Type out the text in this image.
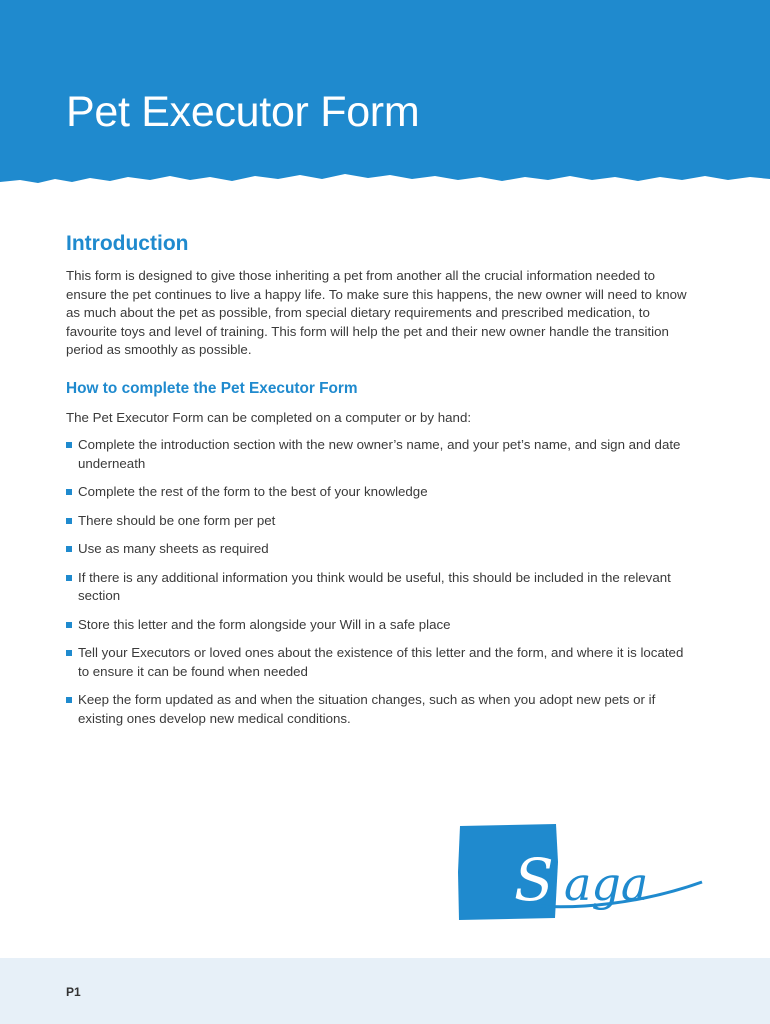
Pet Executor Form
Introduction

This form is designed to give those inheriting a pet from another all the crucial information needed to ensure the pet continues to live a happy life. To make sure this happens, the new owner will need to know as much about the pet as possible, from special dietary requirements and prescribed medication, to favourite toys and level of training. This form will help the pet and their new owner handle the transition period as smoothly as possible.

How to complete the Pet Executor Form

The Pet Executor Form can be completed on a computer or by hand:

Complete the introduction section with the new owner’s name, and your pet’s name, and sign and date underneath
Complete the rest of the form to the best of your knowledge
There should be one form per pet
Use as many sheets as required
If there is any additional information you think would be useful, this should be included in the relevant section
Store this letter and the form alongside your Will in a safe place
Tell your Executors or loved ones about the existence of this letter and the form, and where it is located to ensure it can be found when needed
Keep the form updated as and when the situation changes, such as when you adopt new pets or if existing ones develop new medical conditions.
S aga
P1
